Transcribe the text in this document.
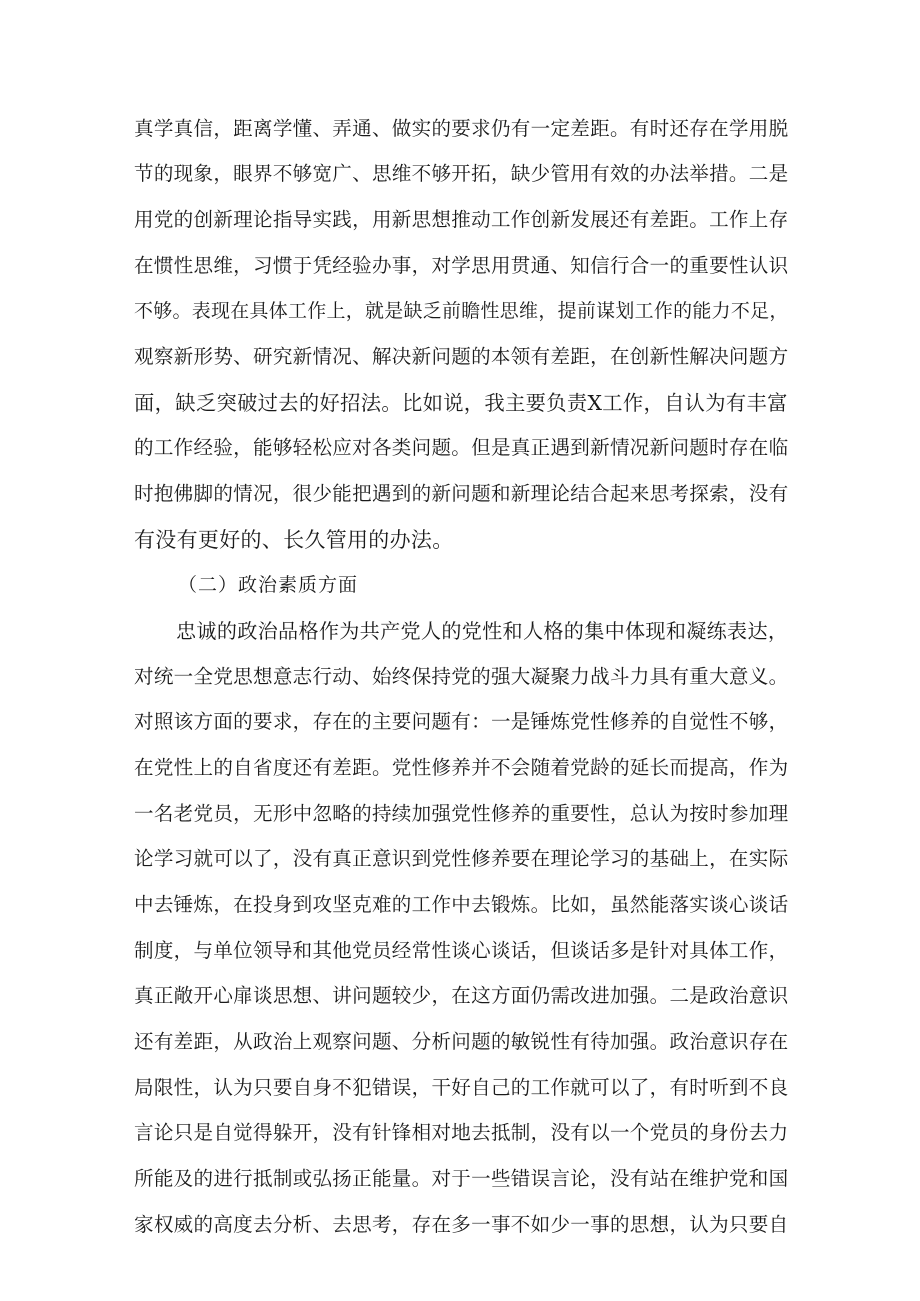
真学真信，距离学懂、弄通、做实的要求仍有一定差距。有时还存在学用脱
节的现象，眼界不够宽广、思维不够开拓，缺少管用有效的办法举措。二是
用党的创新理论指导实践，用新思想推动工作创新发展还有差距。工作上存
在惯性思维，习惯于凭经验办事，对学思用贯通、知信行合一的重要性认识
不够。表现在具体工作上，就是缺乏前瞻性思维，提前谋划工作的能力不足，
观察新形势、研究新情况、解决新问题的本领有差距，在创新性解决问题方
面，缺乏突破过去的好招法。比如说，我主要负责X工作，自认为有丰富
的工作经验，能够轻松应对各类问题。但是真正遇到新情况新问题时存在临
时抱佛脚的情况，很少能把遇到的新问题和新理论结合起来思考探索，没有
有没有更好的、长久管用的办法。
（二）政治素质方面
忠诚的政治品格作为共产党人的党性和人格的集中体现和凝练表达，
对统一全党思想意志行动、始终保持党的强大凝聚力战斗力具有重大意义。
对照该方面的要求，存在的主要问题有：一是锤炼党性修养的自觉性不够，
在党性上的自省度还有差距。党性修养并不会随着党龄的延长而提高，作为
一名老党员，无形中忽略的持续加强党性修养的重要性，总认为按时参加理
论学习就可以了，没有真正意识到党性修养要在理论学习的基础上，在实际
中去锤炼，在投身到攻坚克难的工作中去锻炼。比如，虽然能落实谈心谈话
制度，与单位领导和其他党员经常性谈心谈话，但谈话多是针对具体工作，
真正敞开心扉谈思想、讲问题较少，在这方面仍需改进加强。二是政治意识
还有差距，从政治上观察问题、分析问题的敏锐性有待加强。政治意识存在
局限性，认为只要自身不犯错误，干好自己的工作就可以了，有时听到不良
言论只是自觉得躲开，没有针锋相对地去抵制，没有以一个党员的身份去力
所能及的进行抵制或弘扬正能量。对于一些错误言论，没有站在维护党和国
家权威的高度去分析、去思考，存在多一事不如少一事的思想，认为只要自
